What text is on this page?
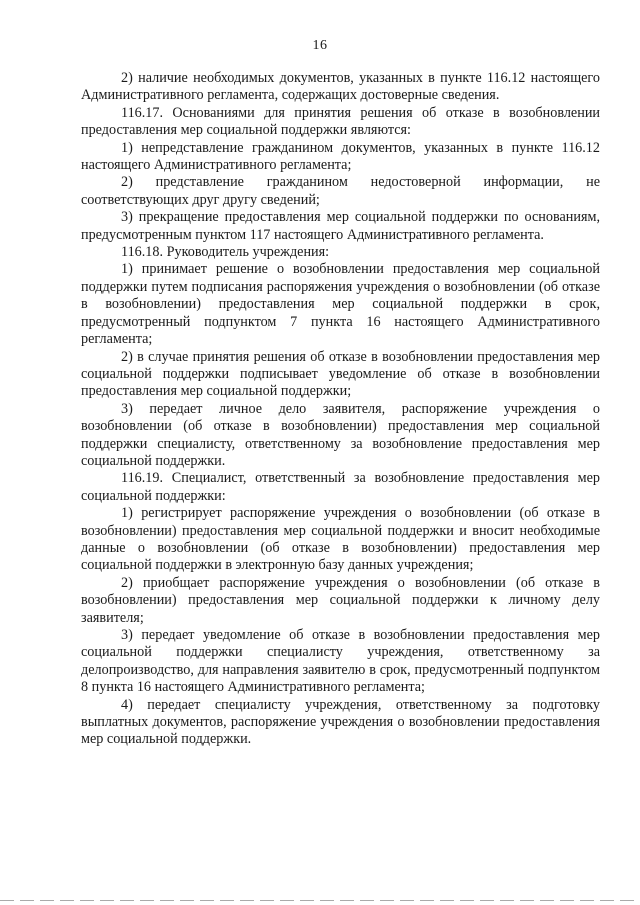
16

2) наличие необходимых документов, указанных в пункте 116.12 настоящего Административного регламента, содержащих достоверные сведения.

116.17. Основаниями для принятия решения об отказе в возобновлении предоставления мер социальной поддержки являются:

1) непредставление гражданином документов, указанных в пункте 116.12 настоящего Административного регламента;

2) представление гражданином недостоверной информации, не соответствующих друг другу сведений;

3) прекращение предоставления мер социальной поддержки по основаниям, предусмотренным пунктом 117 настоящего Административного регламента.

116.18. Руководитель учреждения:

1) принимает решение о возобновлении предоставления мер социальной поддержки путем подписания распоряжения учреждения о возобновлении (об отказе в возобновлении) предоставления мер социальной поддержки в срок, предусмотренный подпунктом 7 пункта 16 настоящего Административного регламента;

2) в случае принятия решения об отказе в возобновлении предоставления мер социальной поддержки подписывает уведомление об отказе в возобновлении предоставления мер социальной поддержки;

3) передает личное дело заявителя, распоряжение учреждения о возобновлении (об отказе в возобновлении) предоставления мер социальной поддержки специалисту, ответственному за возобновление предоставления мер социальной поддержки.

116.19. Специалист, ответственный за возобновление предоставления мер социальной поддержки:

1) регистрирует распоряжение учреждения о возобновлении (об отказе в возобновлении) предоставления мер социальной поддержки и вносит необходимые данные о возобновлении (об отказе в возобновлении) предоставления мер социальной поддержки в электронную базу данных учреждения;

2) приобщает распоряжение учреждения о возобновлении (об отказе в возобновлении) предоставления мер социальной поддержки к личному делу заявителя;

3) передает уведомление об отказе в возобновлении предоставления мер социальной поддержки специалисту учреждения, ответственному за делопроизводство, для направления заявителю в срок, предусмотренный подпунктом 8 пункта 16 настоящего Административного регламента;

4) передает специалисту учреждения, ответственному за подготовку выплатных документов, распоряжение учреждения о возобновлении предоставления мер социальной поддержки.
